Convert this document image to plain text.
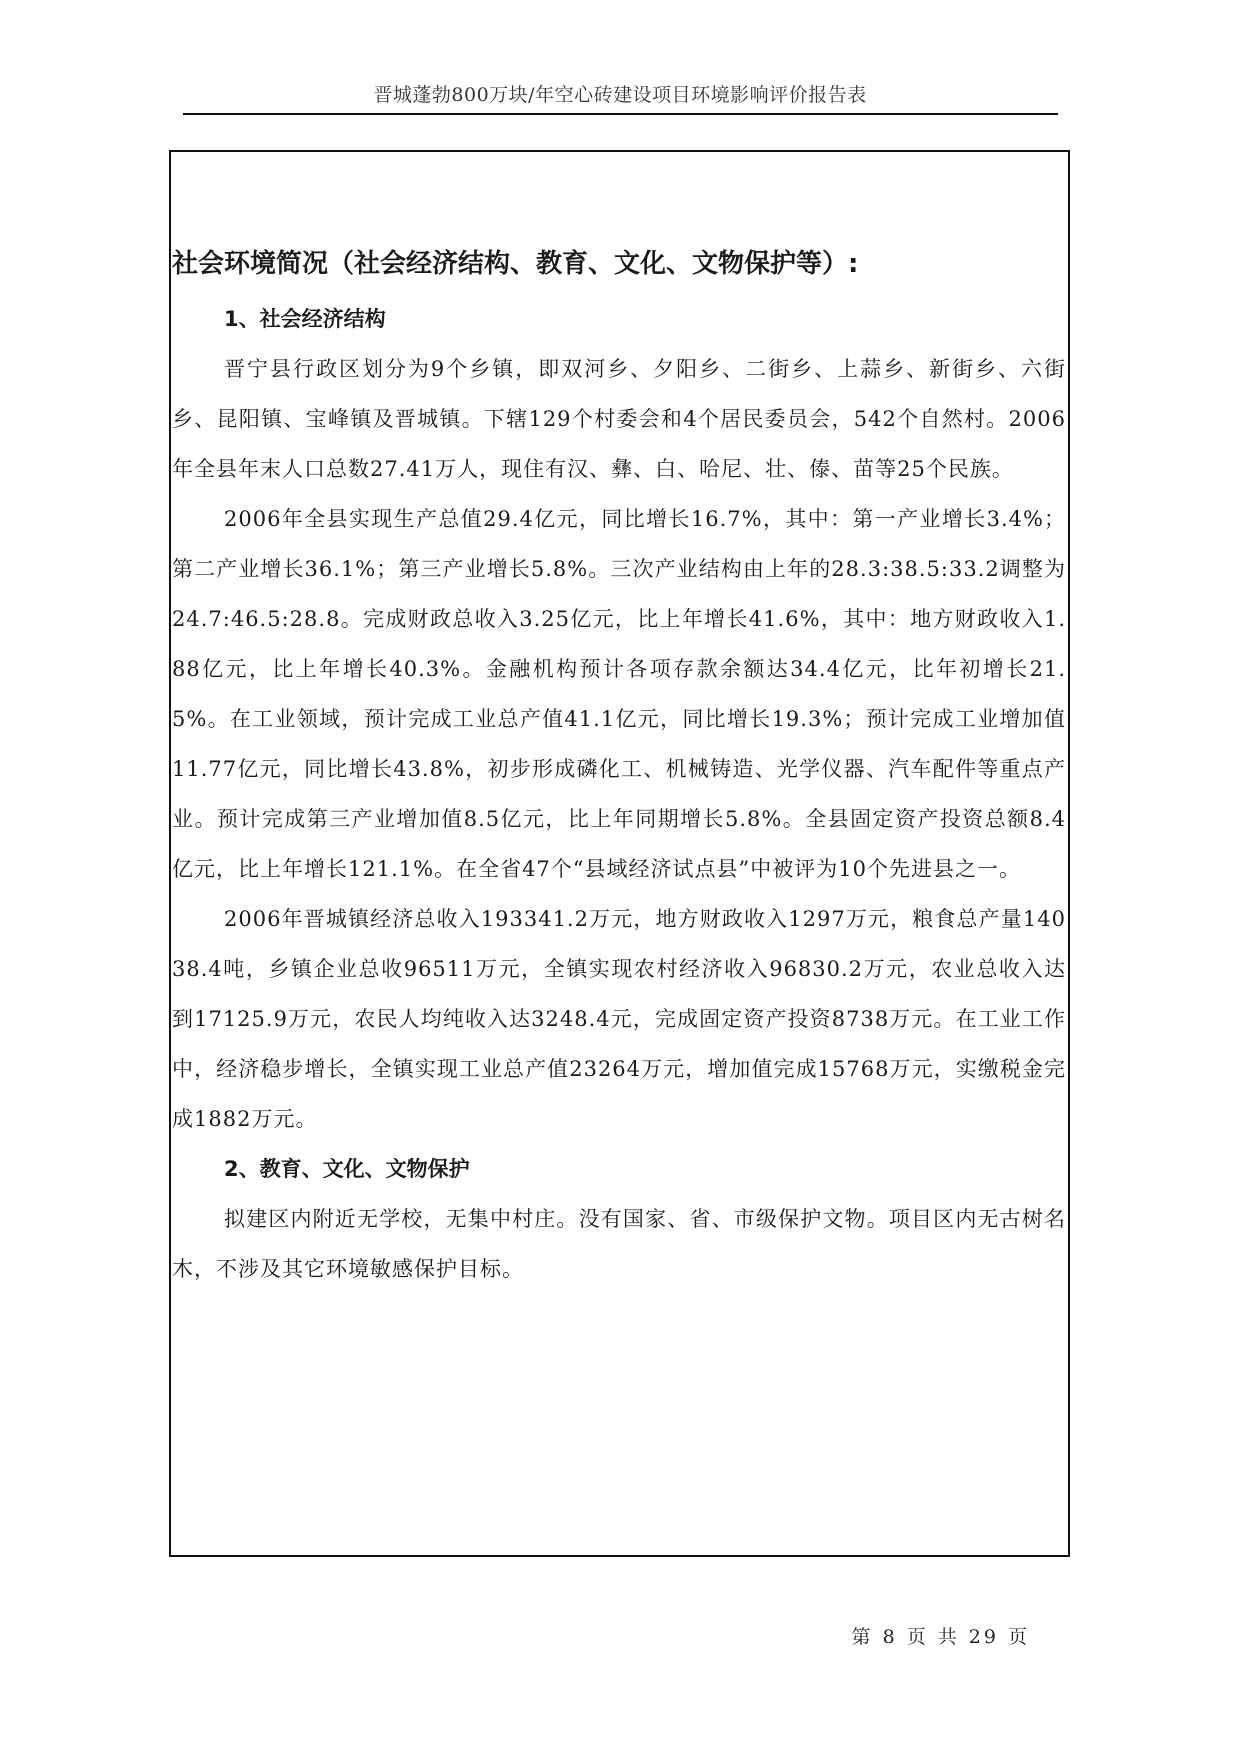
晋城蓬勃800万块/年空心砖建设项目环境影响评价报告表
社会环境简况（社会经济结构、教育、文化、文物保护等）:
1、社会经济结构

晋宁县行政区划分为9个乡镇，即双河乡、夕阳乡、二街乡、上蒜乡、新街乡、六街乡、昆阳镇、宝峰镇及晋城镇。下辖129个村委会和4个居民委员会，542个自然村。2006年全县年末人口总数27.41万人，现住有汉、彝、白、哈尼、壮、傣、苗等25个民族。

2006年全县实现生产总值29.4亿元，同比增长16.7%，其中：第一产业增长3.4%；第二产业增长36.1%；第三产业增长5.8%。三次产业结构由上年的28.3:38.5:33.2调整为24.7:46.5:28.8。完成财政总收入3.25亿元，比上年增长41.6%，其中：地方财政收入1.88亿元，比上年增长40.3%。金融机构预计各项存款余额达34.4亿元，比年初增长21.5%。在工业领域，预计完成工业总产值41.1亿元，同比增长19.3%；预计完成工业增加值11.77亿元，同比增长43.8%，初步形成磷化工、机械铸造、光学仪器、汽车配件等重点产业。预计完成第三产业增加值8.5亿元，比上年同期增长5.8%。全县固定资产投资总额8.4亿元，比上年增长121.1%。在全省47个“县域经济试点县”中被评为10个先进县之一。

2006年晋城镇经济总收入193341.2万元，地方财政收入1297万元，粮食总产量14038.4吨，乡镇企业总收96511万元，全镇实现农村经济收入96830.2万元，农业总收入达到17125.9万元，农民人均纯收入达3248.4元，完成固定资产投资8738万元。在工业工作中，经济稳步增长，全镇实现工业总产值23264万元，增加值完成15768万元，实缴税金完成1882万元。

2、教育、文化、文物保护

拟建区内附近无学校，无集中村庄。没有国家、省、市级保护文物。项目区内无古树名木，不涉及其它环境敏感保护目标。

第 8 页 共 29 页
